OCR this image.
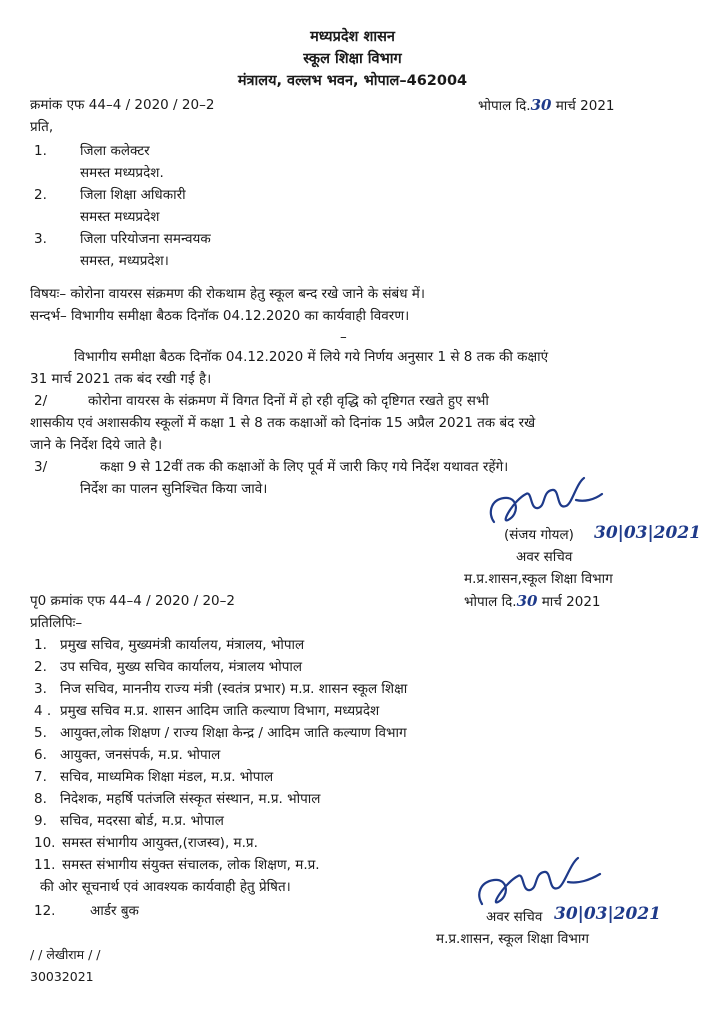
मध्यप्रदेश शासन
स्कूल शिक्षा विभाग
मंत्रालय, वल्लभ भवन, भोपाल–462004
क्रमांक एफ 44–4 / 2020 / 20–2	भोपाल दि.30 मार्च 2021
प्रति,
1. जिला कलेक्टर
समस्त मध्यप्रदेश.
2. जिला शिक्षा अधिकारी
समस्त मध्यप्रदेश
3. जिला परियोजना समन्वयक
समस्त, मध्यप्रदेश।
विषयः– कोरोना वायरस संक्रमण की रोकथाम हेतु स्कूल बन्द रखे जाने के संबंध में।
सन्दर्भ– विभागीय समीक्षा बैठक दिनॉक 04.12.2020 का कार्यवाही विवरण।
–
विभागीय समीक्षा बैठक दिनॉक 04.12.2020 में लिये गये निर्णय अनुसार 1 से 8 तक की कक्षाएं
31 मार्च 2021 तक बंद रखी गई है।
2/	कोरोना वायरस के संक्रमण में विगत दिनों में हो रही वृद्धि को दृष्टिगत रखते हुए सभी
शासकीय एवं अशासकीय स्कूलों में कक्षा 1 से 8 तक कक्षाओं को दिनांक 15 अप्रैल 2021 तक बंद रखे
जाने के निर्देश दिये जाते है।
3/	कक्षा 9 से 12वीं तक की कक्षाओं के लिए पूर्व में जारी किए गये निर्देश यथावत रहेंगे।
निर्देश का पालन सुनिश्चित किया जावे।
(संजय गोयल) 30|03|2021
अवर सचिव
म.प्र.शासन,स्कूल शिक्षा विभाग
पृ0 क्रमांक एफ 44–4 / 2020 / 20–2	भोपाल दि.30 मार्च 2021
प्रतिलिपिः–
1. प्रमुख सचिव, मुख्यमंत्री कार्यालय, मंत्रालय, भोपाल
2. उप सचिव, मुख्य सचिव कार्यालय, मंत्रालय भोपाल
3. निज सचिव, माननीय राज्य मंत्री (स्वतंत्र प्रभार) म.प्र. शासन स्कूल शिक्षा
4 . प्रमुख सचिव म.प्र. शासन आदिम जाति कल्याण विभाग, मध्यप्रदेश
5. आयुक्त,लोक शिक्षण / राज्य शिक्षा केन्द्र / आदिम जाति कल्याण विभाग
6. आयुक्त, जनसंपर्क, म.प्र. भोपाल
7. सचिव, माध्यमिक शिक्षा मंडल, म.प्र. भोपाल
8. निदेशक, महर्षि पतंजलि संस्कृत संस्थान, म.प्र. भोपाल
9. सचिव, मदरसा बोर्ड, म.प्र. भोपाल
10. समस्त संभागीय आयुक्त,(राजस्व), म.प्र.
11. समस्त संभागीय संयुक्त संचालक, लोक शिक्षण, म.प्र.
की ओर सूचनार्थ एवं आवश्यक कार्यवाही हेतु प्रेषित।
12.	आर्डर बुक	अवर सचिव 30|03|2021
म.प्र.शासन, स्कूल शिक्षा विभाग
/ / लेखीराम / /
30032021
